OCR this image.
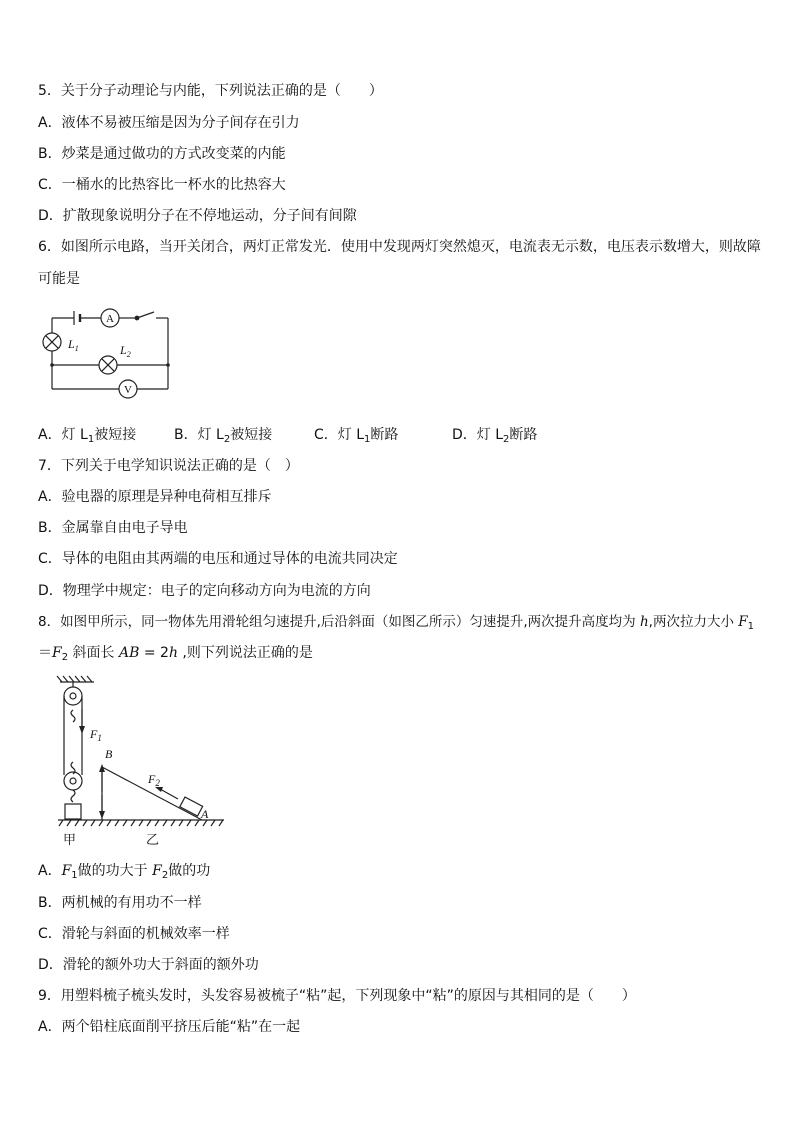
5．关于分子动理论与内能，下列说法正确的是（　　）
A．液体不易被压缩是因为分子间存在引力
B．炒菜是通过做功的方式改变菜的内能
C．一桶水的比热容比一杯水的比热容大
D．扩散现象说明分子在不停地运动，分子间有间隙
6．如图所示电路，当开关闭合，两灯正常发光．使用中发现两灯突然熄灭，电流表无示数，电压表示数增大，则故障
可能是
A
V
$L_1$	$L_2$
A．灯 $L_1$被短接	B．灯 $L_2$被短接	C．灯 $L_1$断路	D．灯 $L_2$断路
7．下列关于电学知识说法正确的是（　）
A．验电器的原理是异种电荷相互排斥
B．金属靠自由电子导电
C．导体的电阻由其两端的电压和通过导体的电流共同决定
D．物理学中规定：电子的定向移动方向为电流的方向
8．如图甲所示，同一物体先用滑轮组匀速提升,后沿斜面（如图乙所示）匀速提升,两次提升高度均为 h,两次拉力大小 $F_1$
$=F_2$ 斜面长 AB = 2h ,则下列说法正确的是
$F_1$
B
$F_2$
A
甲	乙
A．$F_1$做的功大于 $F_2$做的功
B．两机械的有用功不一样
C．滑轮与斜面的机械效率一样
D．滑轮的额外功大于斜面的额外功
9．用塑料梳子梳头发时，头发容易被梳子“粘”起，下列现象中“粘”的原因与其相同的是（　　）
A．两个铅柱底面削平挤压后能“粘”在一起
